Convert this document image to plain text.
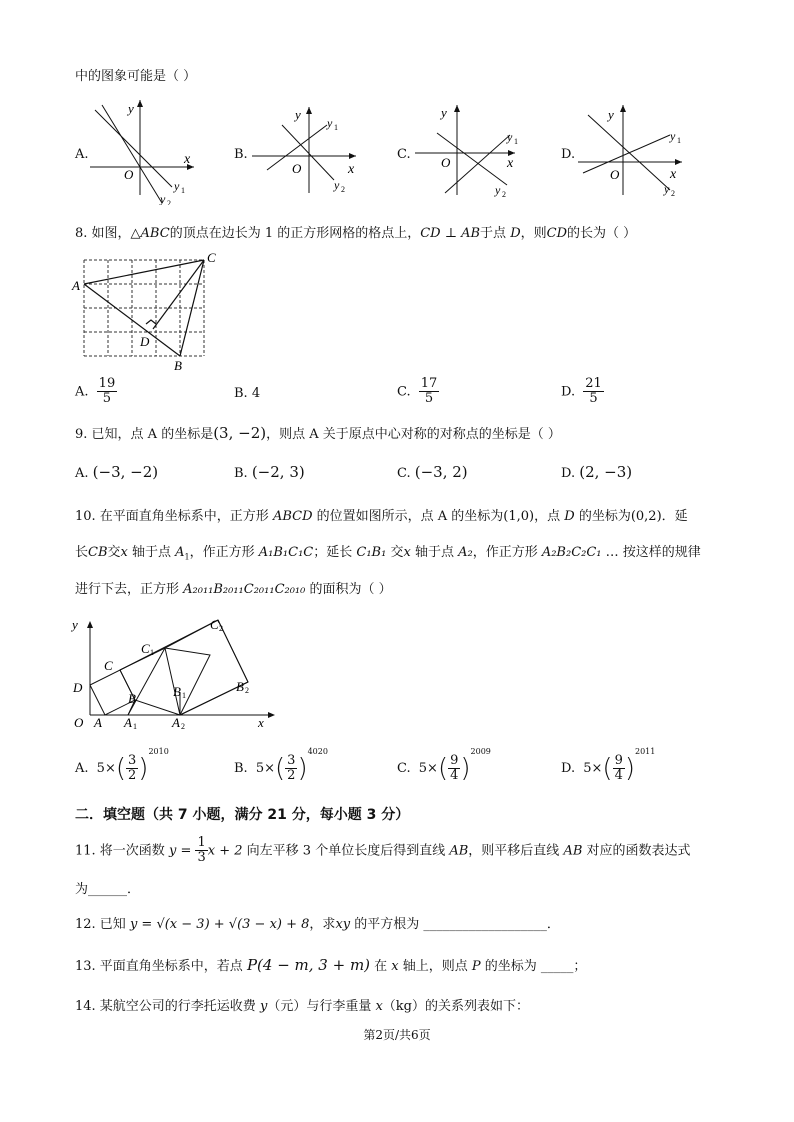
中的图象可能是（ ）
A.	B.	C.	D.
y
x
O
y 1
y 2
y
x
O
y 1
y 2
y
x
O
y 1
y 2
y
x
O
y 1
y 2
8. 如图，△ABC的顶点在边长为 1 的正方形网格的格点上，CD ⊥ AB于点 D，则CD的长为（ ）
A
C
D
B
A. $\frac{19}{5}$	B. 4	C. $\frac{17}{5}$	D. $\frac{21}{5}$
9. 已知，点 A 的坐标是(3, −2)，则点 A 关于原点中心对称的对称点的坐标是（ ）
A. (−3, −2)	B. (−2, 3)	C. (−3, 2)	D. (2, −3)
10. 在平面直角坐标系中，正方形 ABCD 的位置如图所示，点 A 的坐标为(1,0)，点 D 的坐标为(0,2)．延
长CB交x 轴于点 $A_1$，作正方形 A₁B₁C₁C；延长 C₁B₁ 交x 轴于点 A₂，作正方形 A₂B₂C₂C₁ … 按这样的规律
进行下去，正方形 A₂₀₁₁B₂₀₁₁C₂₀₁₁C₂₀₁₀ 的面积为（ ）
y
x
O A A 1	A 2
D
C
B
C 1
B 1
C 2
B 2
A. $5\times( \frac{3}{2} )^{2010}$
B. $5\times( \frac{3}{2} )^{4020}$
C. $5\times( \frac{9}{4} )^{2009}$
D. $5\times( \frac{9}{4} )^{2011}$
二．填空题（共 7 小题，满分 21 分，每小题 3 分）
11. 将一次函数 $y = \frac{1}{3}$ x + 2 向左平移 3 个单位长度后得到直线 AB，则平移后直线 AB 对应的函数表达式
为______．
12. 已知 y = √(x − 3) + √(3 − x) + 8，求xy 的平方根为 ___________________．
13. 平面直角坐标系中，若点 P(4 − m, 3 + m) 在 x 轴上，则点 P 的坐标为 _____；
14. 某航空公司的行李托运收费 y（元）与行李重量 x（kg）的关系列表如下：
第2页/共6页
